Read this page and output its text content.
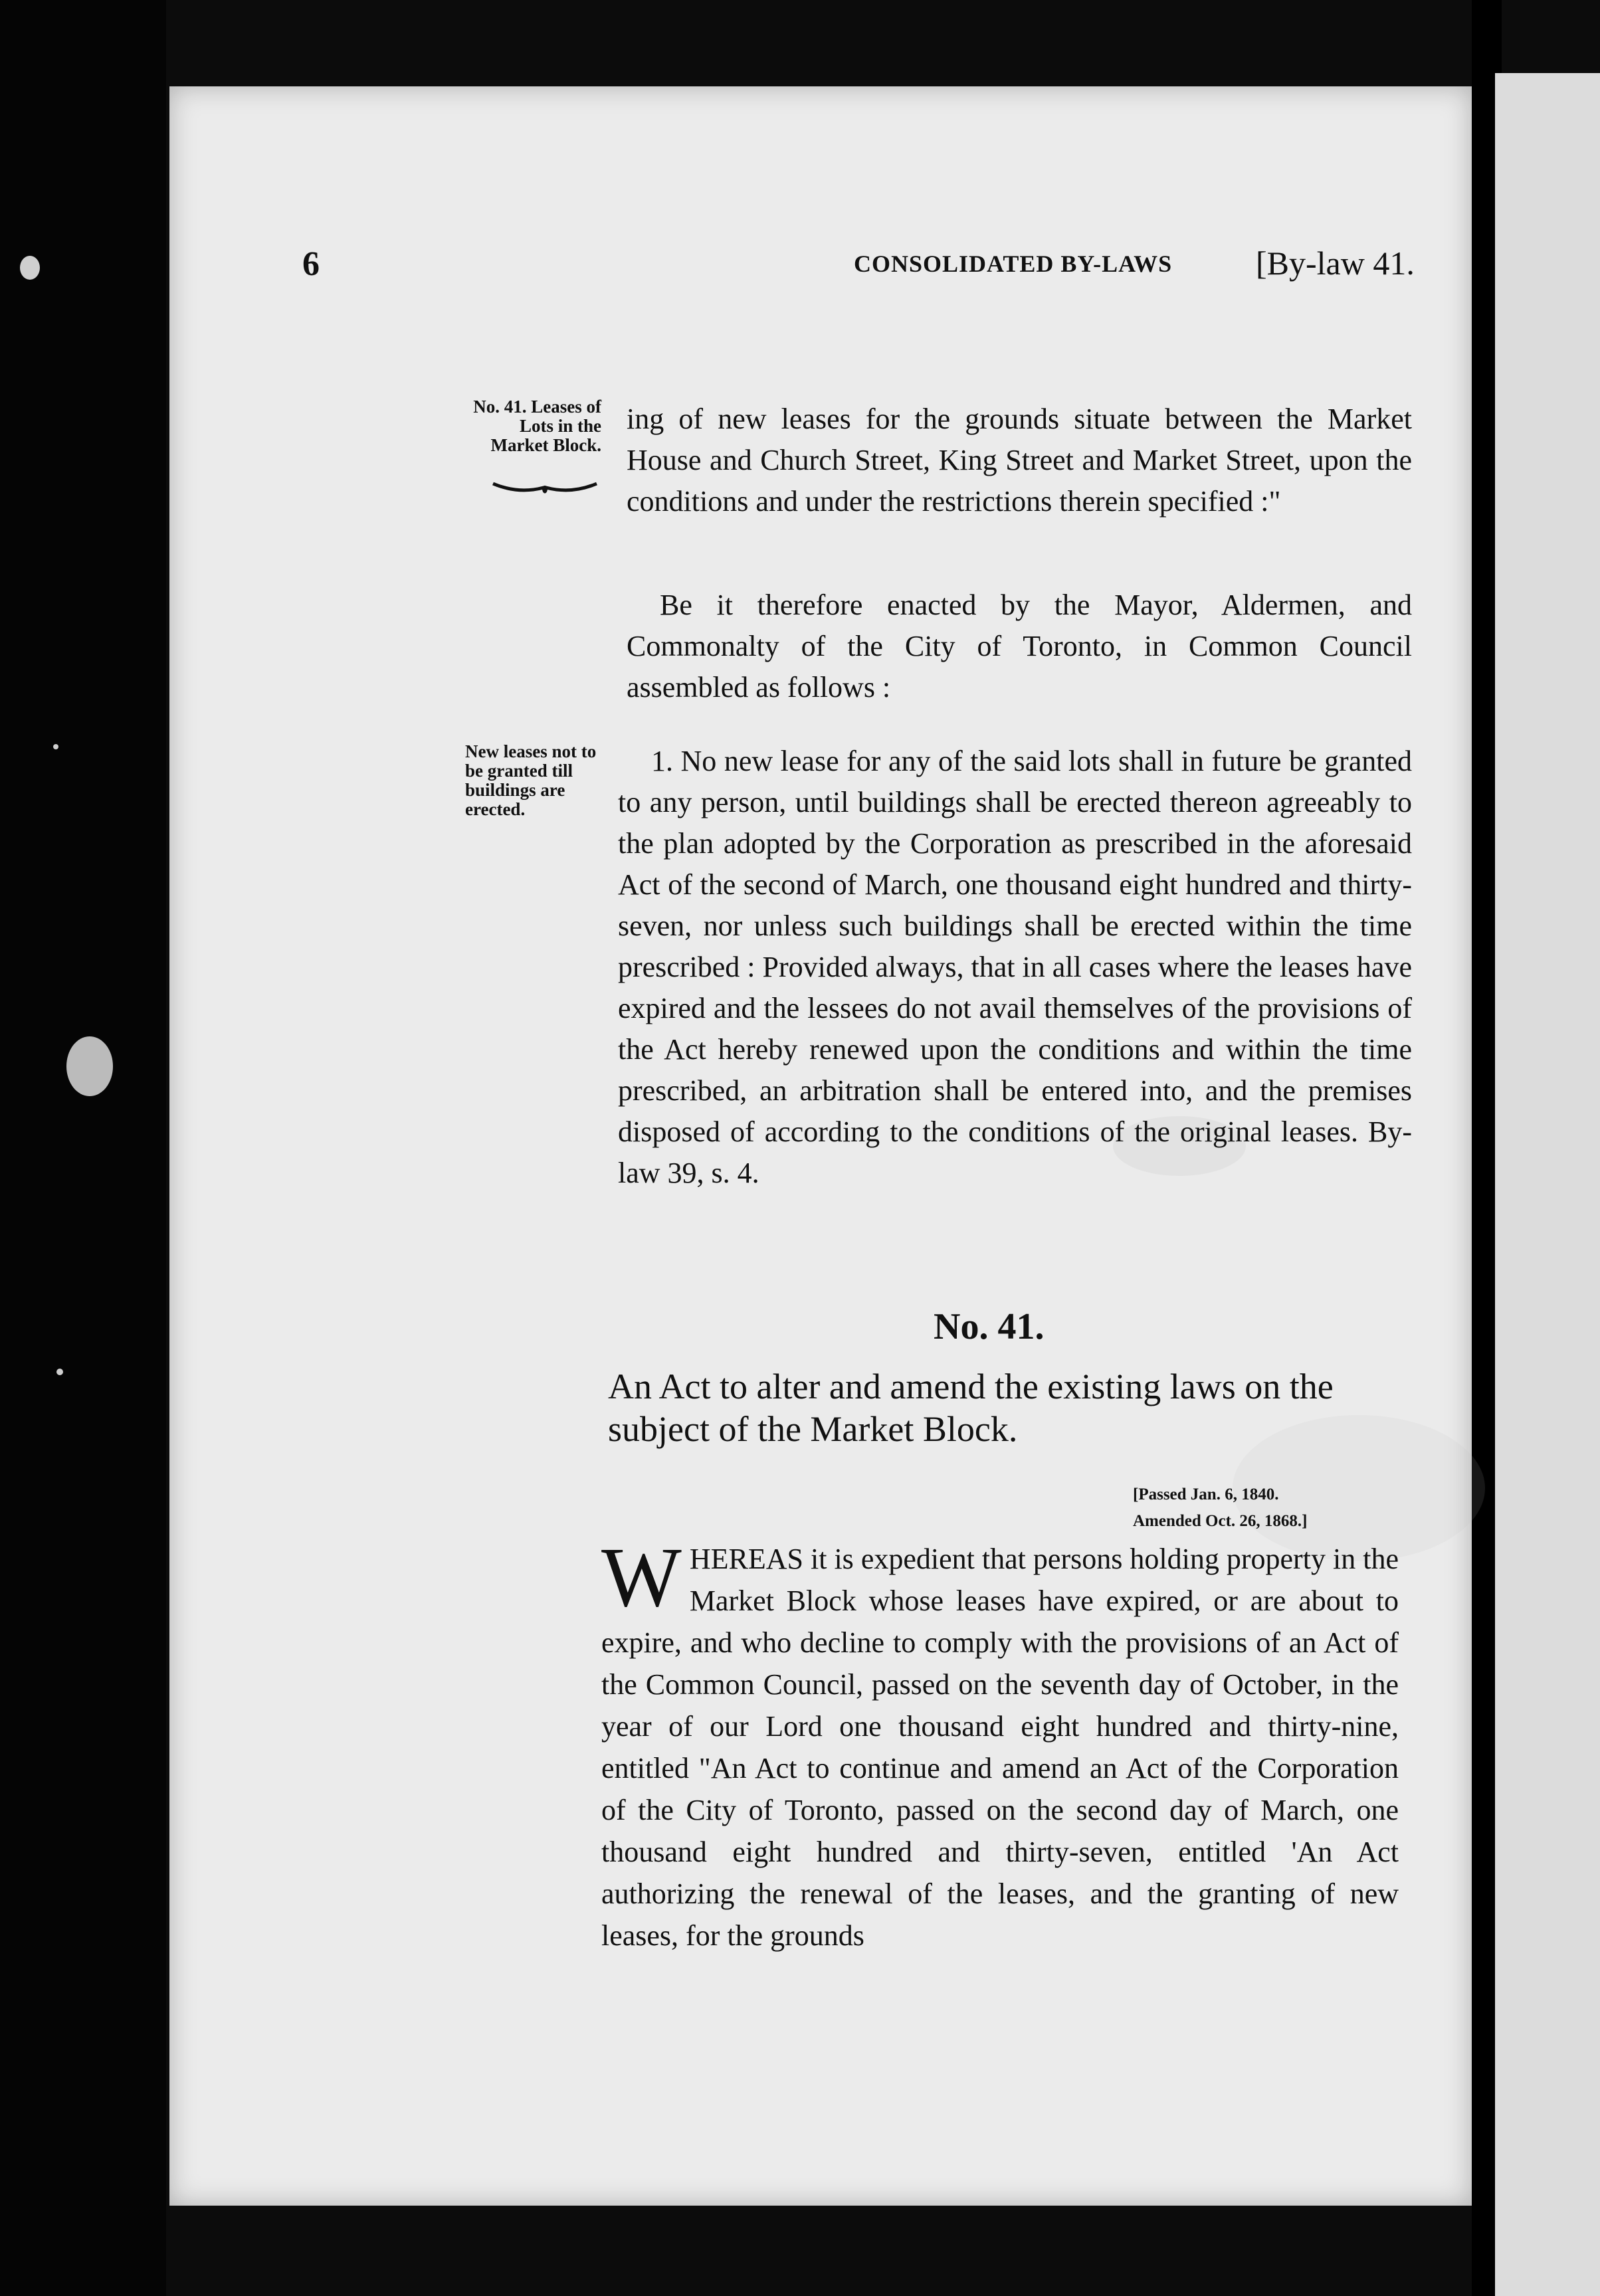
6	CONSOLIDATED BY-LAWS	[By-law 41.
No. 41. Leases of Lots in the Market Block.
New leases not to be granted till buildings are erected.
ing of new leases for the grounds situate between the Market House and Church Street, King Street and Market Street, upon the conditions and under the restrictions therein specified :"
Be it therefore enacted by the Mayor, Aldermen, and Commonalty of the City of Toronto, in Common Council assembled as follows :
1. No new lease for any of the said lots shall in future be granted to any person, until buildings shall be erected thereon agreeably to the plan adopted by the Corporation as prescribed in the aforesaid Act of the second of March, one thousand eight hundred and thirty-seven, nor unless such buildings shall be erected within the time prescribed : Provided always, that in all cases where the leases have expired and the lessees do not avail themselves of the provisions of the Act hereby renewed upon the conditions and within the time prescribed, an arbitration shall be entered into, and the premises disposed of according to the conditions of the original leases. By-law 39, s. 4.
No. 41.
An Act to alter and amend the existing laws on the subject of the Market Block.
[Passed Jan. 6, 1840.
Amended Oct. 26, 1868.]
W HEREAS it is expedient that persons holding property in the Market Block whose leases have expired, or are about to expire, and who decline to comply with the provisions of an Act of the Common Council, passed on the seventh day of October, in the year of our Lord one thousand eight hundred and thirty-nine, entitled "An Act to continue and amend an Act of the Corporation of the City of Toronto, passed on the second day of March, one thousand eight hundred and thirty-seven, entitled 'An Act authorizing the renewal of the leases, and the granting of new leases, for the grounds
